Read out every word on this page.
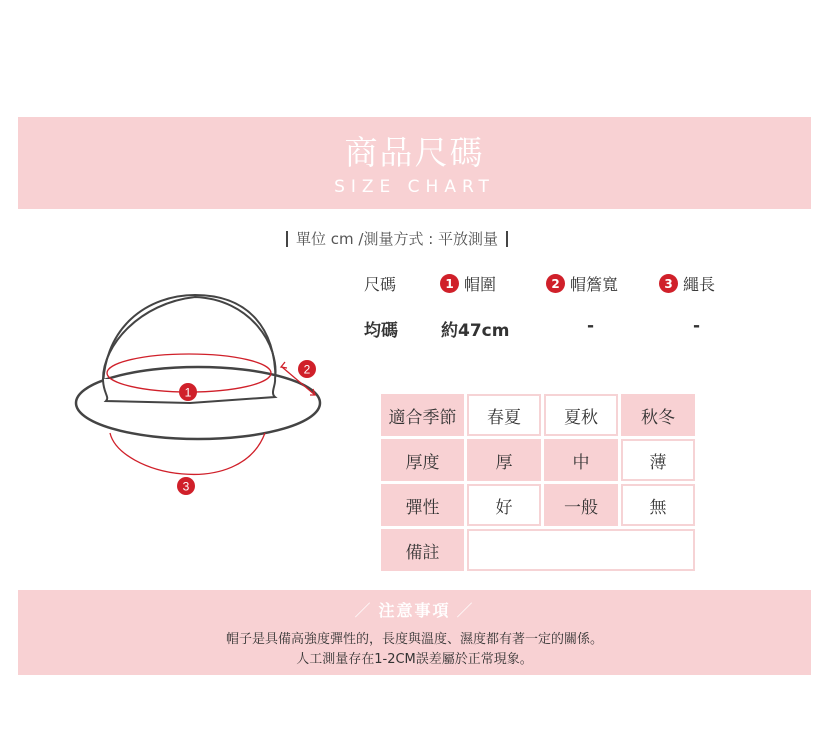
商品尺碼
SIZE CHART
單位 cm /測量方式 : 平放測量
尺碼	1 帽圍	2 帽簷寬	3 繩長
均碼	約47cm	-	-
1
2
3
適合季節	春夏	夏秋	秋冬
厚度	厚	中	薄
彈性	好	一般	無
備註
／ 注意事項 ／
帽子是具備高強度彈性的，長度與溫度、濕度都有著一定的關係。
人工測量存在1-2CM誤差屬於正常現象。
